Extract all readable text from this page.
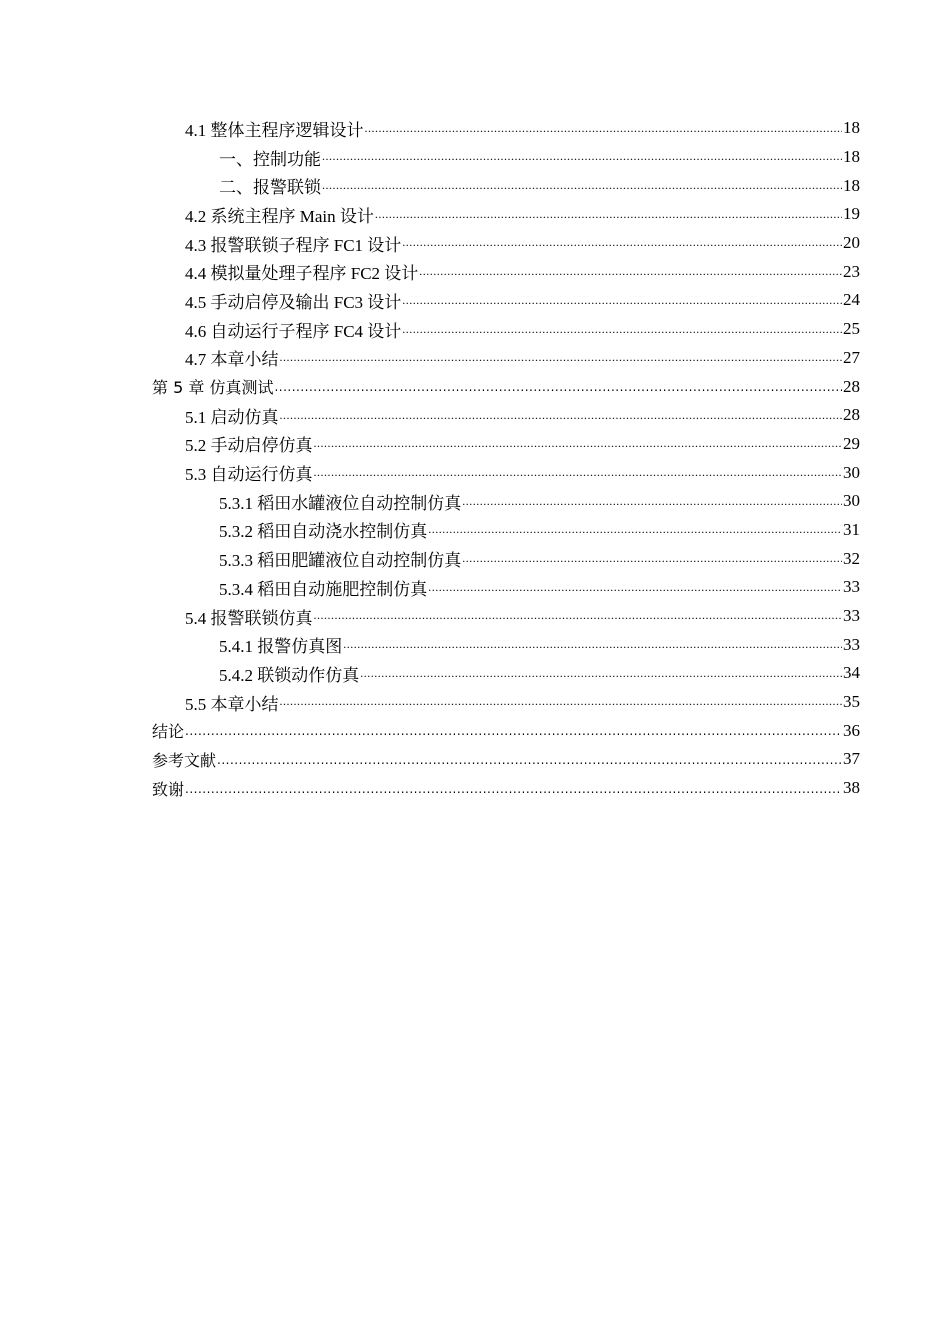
4.1 整体主程序逻辑设计 .....	18
一、控制功能 .....	18
二、报警联锁 .....	18
4.2 系统主程序 Main 设计 .....	19
4.3 报警联锁子程序 FC1 设计 .....	20
4.4 模拟量处理子程序 FC2 设计 .....	23
4.5 手动启停及输出 FC3 设计 .....	24
4.6 自动运行子程序 FC4 设计 .....	25
4.7 本章小结 .....	27
第 5 章 仿真测试 .....	28
5.1 启动仿真 .....	28
5.2 手动启停仿真 .....	29
5.3 自动运行仿真 .....	30
5.3.1 稻田水罐液位自动控制仿真 .....	30
5.3.2 稻田自动浇水控制仿真 .....	31
5.3.3 稻田肥罐液位自动控制仿真 .....	32
5.3.4 稻田自动施肥控制仿真 .....	33
5.4 报警联锁仿真 .....	33
5.4.1 报警仿真图 .....	33
5.4.2 联锁动作仿真 .....	34
5.5 本章小结 .....	35
结论 .....	36
参考文献 .....	37
致谢 .....	38
